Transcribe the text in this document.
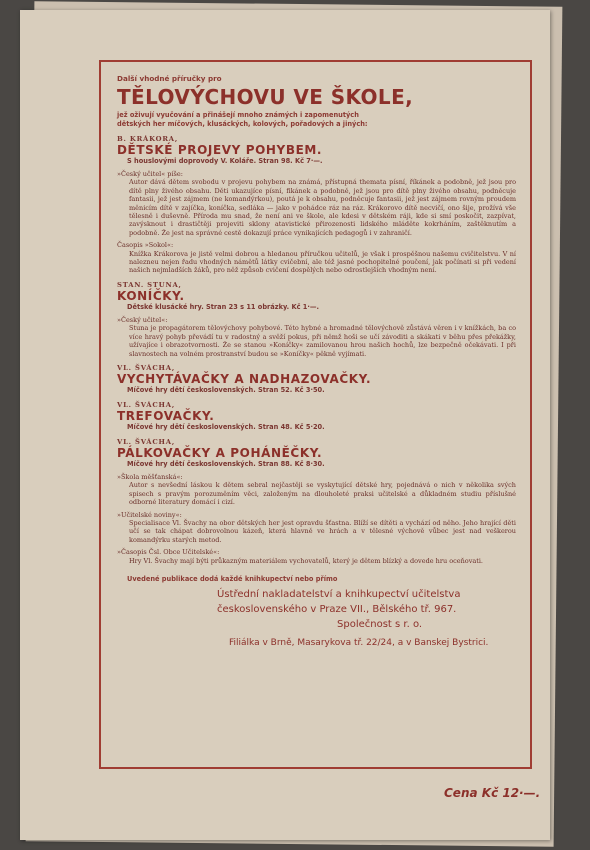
Další vhodné příručky pro

TĚLOVÝCHOVU VE ŠKOLE,

jež oživují vyučování a přinášejí mnoho známých i zapomenutých

dětských her míčových, klusáckých, kolových, pořadových a jiných:

B. KRÁKORA,

DĚTSKÉ PROJEVY POHYBEM.

S houslovými doprovody V. Koláře. Stran 98. Kč 7·—.

»Český učitel« píše:
Autor dává dětem svobodu v projevu pohybem na známá, přístupná themata písní, říkánek a podobně, jež jsou pro dítě plny živého obsahu. Děti ukazujíce písní, fikánek a podobně, jež jsou pro dítě plny živého obsahu, podněcuje fantasii, jež jest zájmem (ne komandýrkou), poutá je k obsahu, podněcuje fantasii, jež jest zájmem rovným proudem měnicím dítě v zajíčka, koníčka, sedláka — jako v pohádce ráz na ráz. Krákorovo dítě necvičí, ono šije, prožívá vše tělesně i duševně. Příroda mu snad, že není ani ve škole, ale kdesi v dětském ráji, kde si smí poskočit, zazpívat, zavýsknout i drastičtěji projeviti sklony atavistické přirozenosti lidského mláděte kokrháním, zaštěknutím a podobně. Že jest na správné cestě dokazují práce vynikajících pedagogů i v zahraničí.
Časopis »Sokol«:
Knížka Krákorova je jistě velmi dobrou a hledanou příručkou učitelů, je však i prospěšnou našemu cvičitelstvu. V ní nalezneu nejen řadu vhodných námětů látky cvičební, ale též jasné pochopitelné poučení, jak počínati si při vedení našich nejmladších žáků, pro něž způsob cvičení dospělých nebo odrostlejších vhodným není.

STAN. STUNA,

KONÍČKY.

Dětské klusácké hry. Stran 23 s 11 obrázky. Kč 1·—.

»Český učitel«:
Stuna je propagátorem tělovýchovy pohybové. Této hybné a hromadné tělovýchově zůstává věren i v knížkách, ba co více hravý pohyb převádí tu v radostný a svěží pokus, při němž hoši se učí závoditi a skákati v běhu přes překážky, užívajíce i obrazotvornosti. Že se stanou »Koníčky« zamilovanou hrou našich hochů, lze bezpečně očekávati. I při slavnostech na volném prostranství budou se »Koníčky« pěkně vyjímati.

VL. ŠVÁCHA,

VYCHYTÁVAČKY A NADHAZOVAČKY.

Míčové hry dětí československých. Stran 52. Kč 3·50.

VL. ŠVÁCHA,

TREFOVAČKY.

Míčové hry dětí československých. Stran 48. Kč 5·20.

VL. ŠVÁCHA,

PÁLKOVAČKY A POHÁNĚČKY.

Míčové hry dětí československých. Stran 88. Kč 8·30.

»Škola měšťanská«:
Autor s nevšední láskou k dětem sebral nejčastěji se vyskytující dětské hry, pojednává o nich v několika svých spisech s pravým porozuměním věci, založeným na dlouholeté praksi učitelské a důkladném studiu příslušné odborné literatury domácí i cizí.
»Učitelské noviny«:
Specialisace Vl. Švachy na obor dětských her jest opravdu šťastna. Blíží se dítěti a vychází od něho. Jeho hrající děti učí se tak chápat dobrovolnou kázeň, která hlavně ve hrách a v tělesné výchově vůbec jest nad veškerou komandýrku starých metod.
»Časopis Čsl. Obce Učitelské«:
Hry Vl. Švachy mají býti průkazným materiálem vychovatelů, který je dětem blízký a dovede hru oceňovati.

Uvedené publikace dodá každé knihkupectví nebo přímo

Ústřední nakladatelství a knihkupectví učitelstva
československého v Praze VII., Bělského tř. 967.
Společnost s r. o.

Filiálka v Brně, Masarykova tř. 22/24, a v Banskej Bystrici.

Cena Kč 12·—.
